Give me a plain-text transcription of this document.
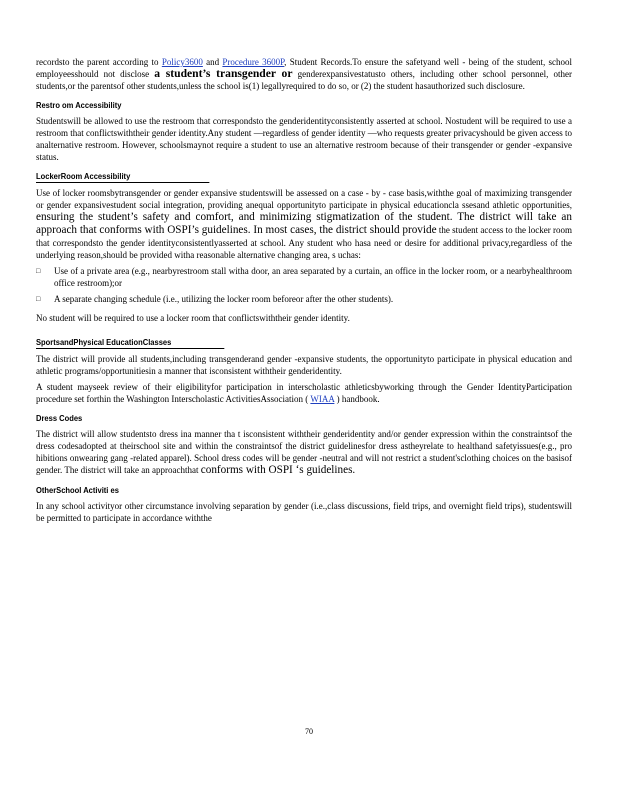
recordsto the parent according to Policy3600 and Procedure 3600P, Student Records.To ensure the safetyand well - being of the student, school employeesshould not disclose a student’s transgender or genderexpansivestatusto others, including other school personnel, other students,or the parentsof other students,unless the school is(1) legallyrequired to do so, or (2) the student hasauthorized such disclosure.

Restro om Accessibility

Studentswill be allowed to use the restroom that correspondsto the genderidentityconsistently asserted at school. Nostudent will be required to use a restroom that conflictswiththeir gender identity.Any student —regardless of gender identity —who requests greater privacyshould be given access to analternative restroom. However, schoolsmaynot require a student to use an alternative restroom because of their transgender or gender -expansive status.

LockerRoom Accessibility

Use of locker roomsbytransgender or gender expansive studentswill be assessed on a case - by - case basis,withthe goal of maximizing transgender or gender expansivestudent social integration, providing anequal opportunityto participate in physical educationcla ssesand athletic opportunities, ensuring the student’s safety and comfort, and minimizing stigmatization of the student. The district will take an approach that conforms with OSPI’s guidelines. In most cases, the district should provide the student access to the locker room that correspondsto the gender identityconsistentlyasserted at school. Any student who hasa need or desire for additional privacy,regardless of the underlying reason,should be provided witha reasonable alternative changing area, s uchas:

□	Use of a private area (e.g., nearbyrestroom stall witha door, an area separated by a curtain, an office in the locker room, or a nearbyhealthroom office restroom);or
□	A separate changing schedule (i.e., utilizing the locker room beforeor after the other students).

No student will be required to use a locker room that conflictswiththeir gender identity.

SportsandPhysical EducationClasses

The district will provide all students,including transgenderand gender -expansive students, the opportunityto participate in physical education and athletic programs/opportunitiesin a manner that isconsistent withtheir genderidentity.

A student mayseek review of their eligibilityfor participation in interscholastic athleticsbyworking through the Gender IdentityParticipation procedure set forthin the Washington Interscholastic ActivitiesAssociation ( WIAA ) handbook.

Dress Codes

The district will allow studentsto dress ina manner tha t isconsistent withtheir genderidentity and/or gender expression within the constraintsof the dress codesadopted at theirschool site and within the constraintsof the district guidelinesfor dress astheyrelate to healthand safetyissues(e.g., pro hibitions onwearing gang -related apparel). School dress codes will be gender -neutral and will not restrict a student'sclothing choices on the basisof gender. The district will take an approachthat conforms with OSPI ‘s guidelines.

OtherSchool Activiti es

In any school activityor other circumstance involving separation by gender (i.e.,class discussions, field trips, and overnight field trips), studentswill be permitted to participate in accordance withthe

70
